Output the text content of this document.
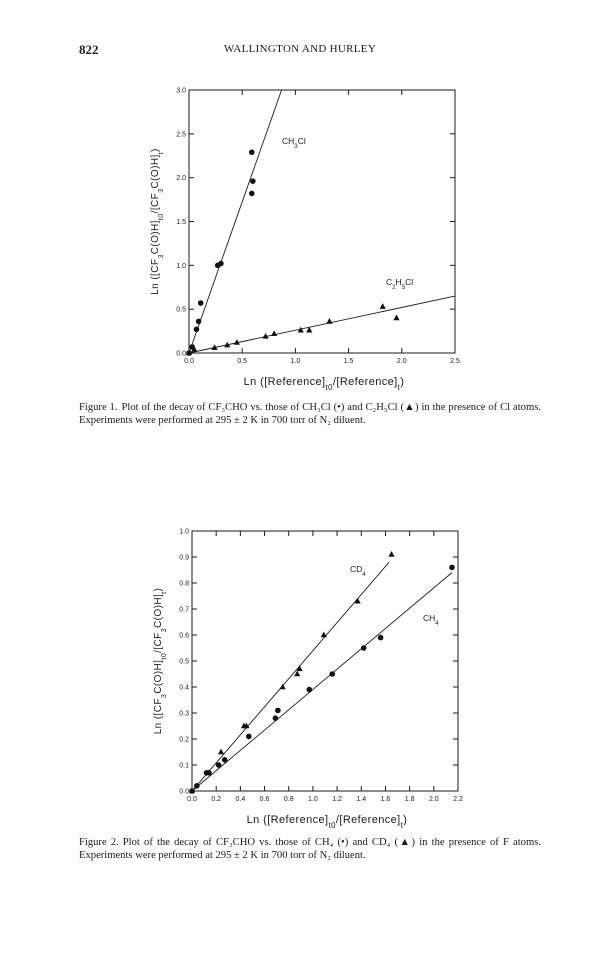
822	WALLINGTON AND HURLEY
0.0	0.5	1.0	1.5	2.0	2.5
0.0
0.5
1.0
1.5
2.0
2.5
3.0
Ln $([Reference]_{t0}/[Reference]_t)$
Ln $([CF_3C(O)H]_{t0}/[CF_3C(O)H]_t)$
$CH_3Cl$
$C_2H_5Cl$
Figure 1. Plot of the decay of CF₃CHO vs. those of CH₃Cl (•) and C₂H₅Cl (▲) in the presence of Cl atoms. Experiments were performed at 295 ± 2 K in 700 torr of N₂ diluent.
0.0 0.2 0.4 0.6 0.8 1.0 1.2 1.4 1.6 1.8 2.0 2.2
0.0
0.1
0.2
0.3
0.4
0.5
0.6
0.7
0.8
0.9
1.0
Ln $([Reference]_{t0}/[Reference]_t)$
Ln $([CF_3C(O)H]_{t0}/[CF_3C(O)H]_t)$
$CD_4$
$CH_4$
Figure 2. Plot of the decay of CF₃CHO vs. those of CH₄ (•) and CD₄ (▲) in the presence of F atoms. Experiments were performed at 295 ± 2 K in 700 torr of N₂ diluent.
